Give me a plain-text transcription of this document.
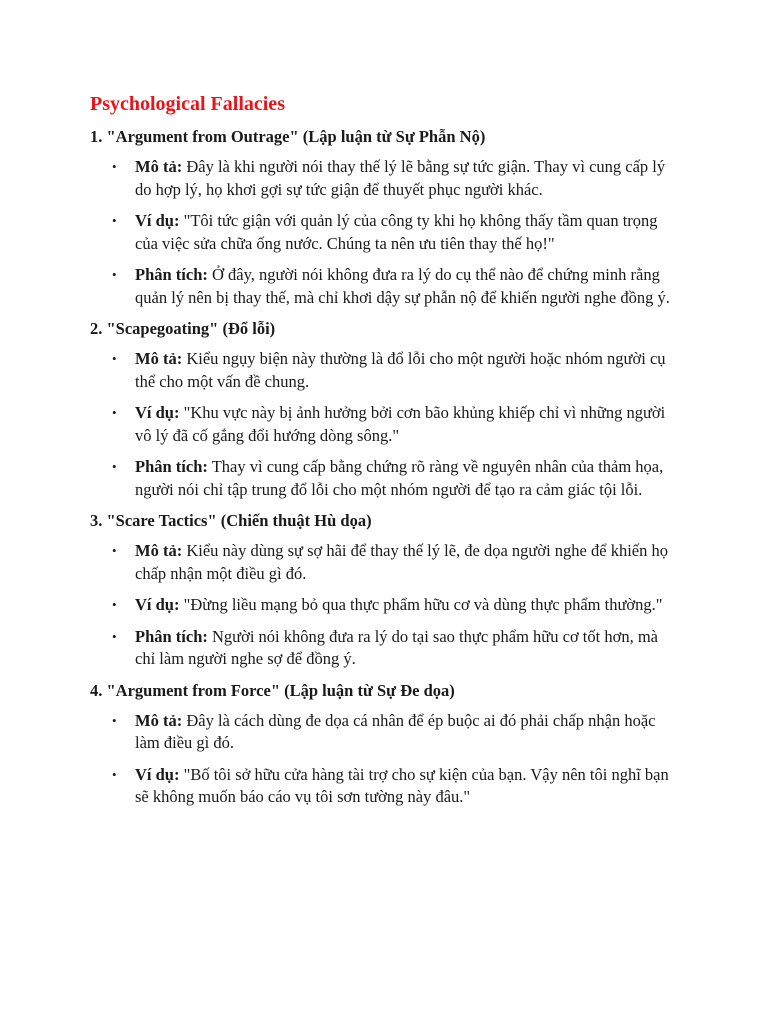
Psychological Fallacies
1. "Argument from Outrage" (Lập luận từ Sự Phẫn Nộ)
• Mô tả: Đây là khi người nói thay thế lý lẽ bằng sự tức giận. Thay vì cung cấp lý do hợp lý, họ khơi gợi sự tức giận để thuyết phục người khác.
• Ví dụ: "Tôi tức giận với quản lý của công ty khi họ không thấy tầm quan trọng của việc sửa chữa ống nước. Chúng ta nên ưu tiên thay thế họ!"
• Phân tích: Ở đây, người nói không đưa ra lý do cụ thể nào để chứng minh rằng quản lý nên bị thay thế, mà chỉ khơi dậy sự phẫn nộ để khiến người nghe đồng ý.
2. "Scapegoating" (Đổ lỗi)
• Mô tả: Kiểu ngụy biện này thường là đổ lỗi cho một người hoặc nhóm người cụ thể cho một vấn đề chung.
• Ví dụ: "Khu vực này bị ảnh hưởng bởi cơn bão khủng khiếp chỉ vì những người vô lý đã cố gắng đổi hướng dòng sông."
• Phân tích: Thay vì cung cấp bằng chứng rõ ràng về nguyên nhân của thảm họa, người nói chỉ tập trung đổ lỗi cho một nhóm người để tạo ra cảm giác tội lỗi.
3. "Scare Tactics" (Chiến thuật Hù dọa)
• Mô tả: Kiểu này dùng sự sợ hãi để thay thế lý lẽ, đe dọa người nghe để khiến họ chấp nhận một điều gì đó.
• Ví dụ: "Đừng liều mạng bỏ qua thực phẩm hữu cơ và dùng thực phẩm thường."
• Phân tích: Người nói không đưa ra lý do tại sao thực phẩm hữu cơ tốt hơn, mà chỉ làm người nghe sợ để đồng ý.
4. "Argument from Force" (Lập luận từ Sự Đe dọa)
• Mô tả: Đây là cách dùng đe dọa cá nhân để ép buộc ai đó phải chấp nhận hoặc làm điều gì đó.
• Ví dụ: "Bố tôi sở hữu cửa hàng tài trợ cho sự kiện của bạn. Vậy nên tôi nghĩ bạn sẽ không muốn báo cáo vụ tôi sơn tường này đâu."
